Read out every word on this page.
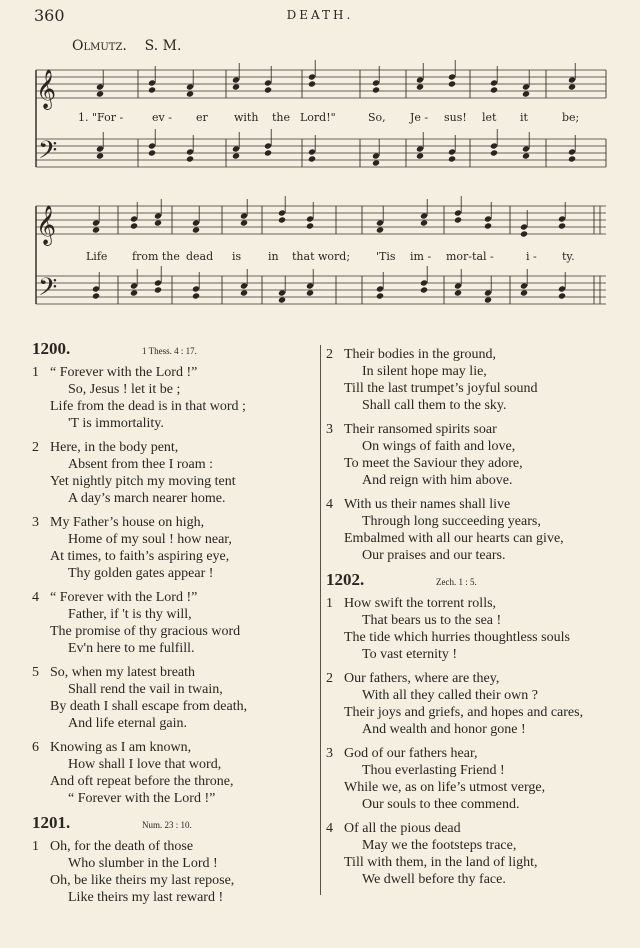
360	DEATH.
Olmutz. S. M.
𝄞
𝄢
𝄞
𝄢
1. "For -	ev - er with the Lord!"	So, Je - sus! let it	be;
Life from the dead is in that word; 'Tis im - mor-tal -	i - ty.
1200.	1 Thess. 4 : 17.
1 “ Forever with the Lord !”
So, Jesus ! let it be ;
Life from the dead is in that word ;
'T is immortality.
2 Here, in the body pent,
Absent from thee I roam :
Yet nightly pitch my moving tent
A day’s march nearer home.
3 My Father’s house on high,
Home of my soul ! how near,
At times, to faith’s aspiring eye,
Thy golden gates appear !
4 “ Forever with the Lord !”
Father, if 't is thy will,
The promise of thy gracious word
Ev'n here to me fulfill.
5 So, when my latest breath
Shall rend the vail in twain,
By death I shall escape from death,
And life eternal gain.
6 Knowing as I am known,
How shall I love that word,
And oft repeat before the throne,
“ Forever with the Lord !”
1201.	Num. 23 : 10.
1 Oh, for the death of those
Who slumber in the Lord !
Oh, be like theirs my last repose,
Like theirs my last reward !
2 Their bodies in the ground,
In silent hope may lie,
Till the last trumpet’s joyful sound
Shall call them to the sky.
3 Their ransomed spirits soar
On wings of faith and love,
To meet the Saviour they adore,
And reign with him above.
4 With us their names shall live
Through long succeeding years,
Embalmed with all our hearts can give,
Our praises and our tears.
1202.	Zech. 1 : 5.
1 How swift the torrent rolls,
That bears us to the sea !
The tide which hurries thoughtless souls
To vast eternity !
2 Our fathers, where are they,
With all they called their own ?
Their joys and griefs, and hopes and cares,
And wealth and honor gone !
3 God of our fathers hear,
Thou everlasting Friend !
While we, as on life’s utmost verge,
Our souls to thee commend.
4 Of all the pious dead
May we the footsteps trace,
Till with them, in the land of light,
We dwell before thy face.
